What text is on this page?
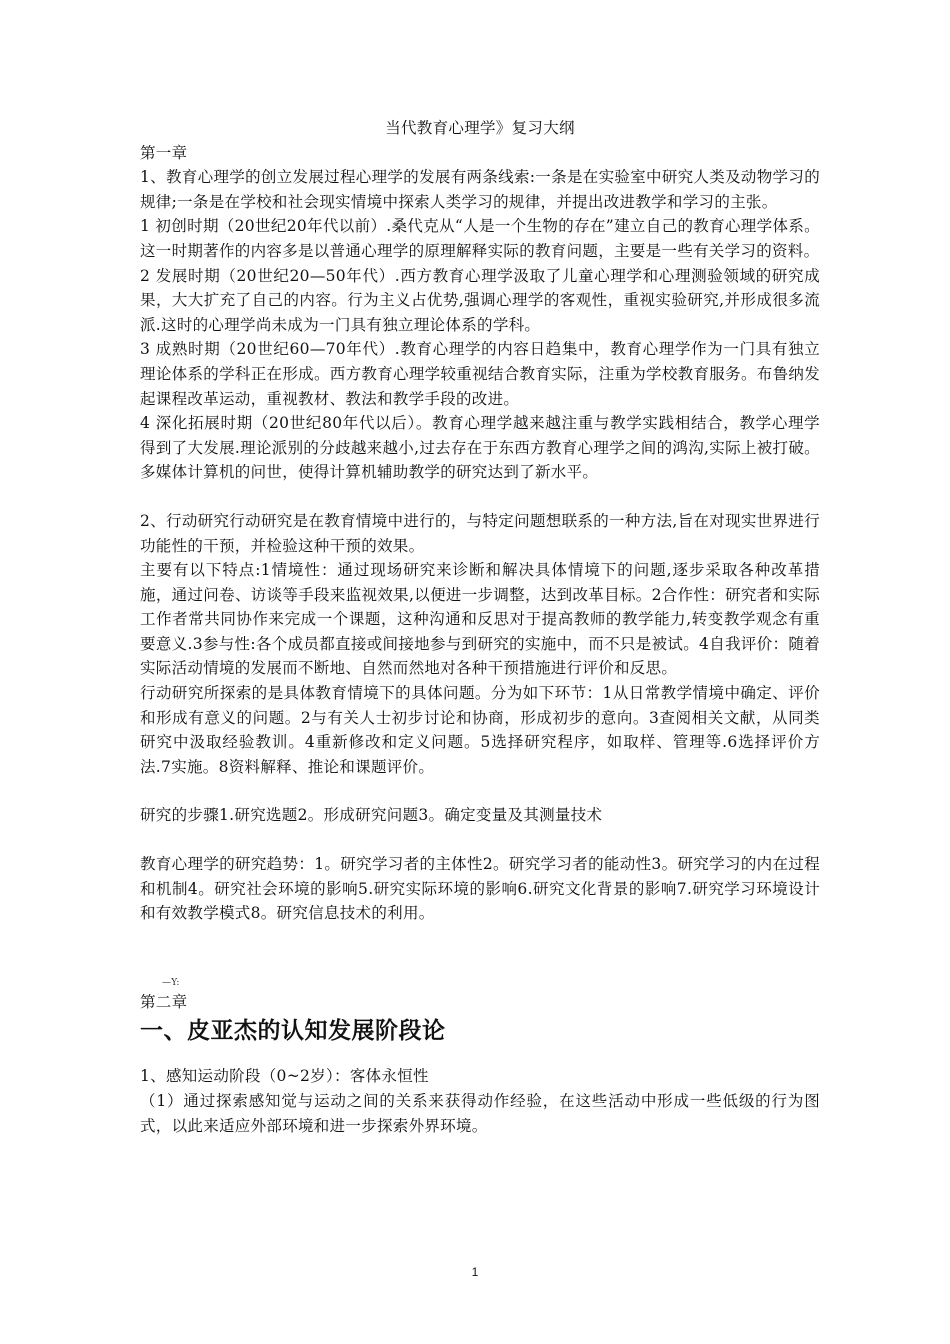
当代教育心理学》复习大纲

第一章

1、教育心理学的创立发展过程心理学的发展有两条线索:一条是在实验室中研究人类及动物学习的规律;一条是在学校和社会现实情境中探索人类学习的规律，并提出改进教学和学习的主张。

1 初创时期（20世纪20年代以前）.桑代克从“人是一个生物的存在”建立自己的教育心理学体系。这一时期著作的内容多是以普通心理学的原理解释实际的教育问题，主要是一些有关学习的资料。

2 发展时期（20世纪20—50年代）.西方教育心理学汲取了儿童心理学和心理测验领域的研究成果，大大扩充了自己的内容。行为主义占优势,强调心理学的客观性，重视实验研究,并形成很多流派.这时的心理学尚未成为一门具有独立理论体系的学科。

3 成熟时期（20世纪60—70年代）.教育心理学的内容日趋集中，教育心理学作为一门具有独立理论体系的学科正在形成。西方教育心理学较重视结合教育实际，注重为学校教育服务。布鲁纳发起课程改革运动，重视教材、教法和教学手段的改进。

4 深化拓展时期（20世纪80年代以后）。教育心理学越来越注重与教学实践相结合，教学心理学得到了大发展.理论派别的分歧越来越小,过去存在于东西方教育心理学之间的鸿沟,实际上被打破。多媒体计算机的问世，使得计算机辅助教学的研究达到了新水平。

2、行动研究行动研究是在教育情境中进行的，与特定问题想联系的一种方法,旨在对现实世界进行功能性的干预，并检验这种干预的效果。

主要有以下特点:1情境性：通过现场研究来诊断和解决具体情境下的问题,逐步采取各种改革措施，通过问卷、访谈等手段来监视效果,以便进一步调整，达到改革目标。2合作性：研究者和实际工作者常共同协作来完成一个课题，这种沟通和反思对于提高教师的教学能力,转变教学观念有重要意义.3参与性:各个成员都直接或间接地参与到研究的实施中，而不只是被试。4自我评价：随着实际活动情境的发展而不断地、自然而然地对各种干预措施进行评价和反思。

行动研究所探索的是具体教育情境下的具体问题。分为如下环节：1从日常教学情境中确定、评价和形成有意义的问题。2与有关人士初步讨论和协商，形成初步的意向。3查阅相关文献，从同类研究中汲取经验教训。4重新修改和定义问题。5选择研究程序，如取样、管理等.6选择评价方法.7实施。8资料解释、推论和课题评价。

研究的步骤1.研究选题2。形成研究问题3。确定变量及其测量技术

教育心理学的研究趋势：1。研究学习者的主体性2。研究学习者的能动性3。研究学习的内在过程和机制4。研究社会环境的影响5.研究实际环境的影响6.研究文化背景的影响7.研究学习环境设计和有效教学模式8。研究信息技术的利用。

—Y:

第二章

一、皮亚杰的认知发展阶段论

1、感知运动阶段（0~2岁）：客体永恒性

（1）通过探索感知觉与运动之间的关系来获得动作经验，在这些活动中形成一些低级的行为图式，以此来适应外部环境和进一步探索外界环境。

1
